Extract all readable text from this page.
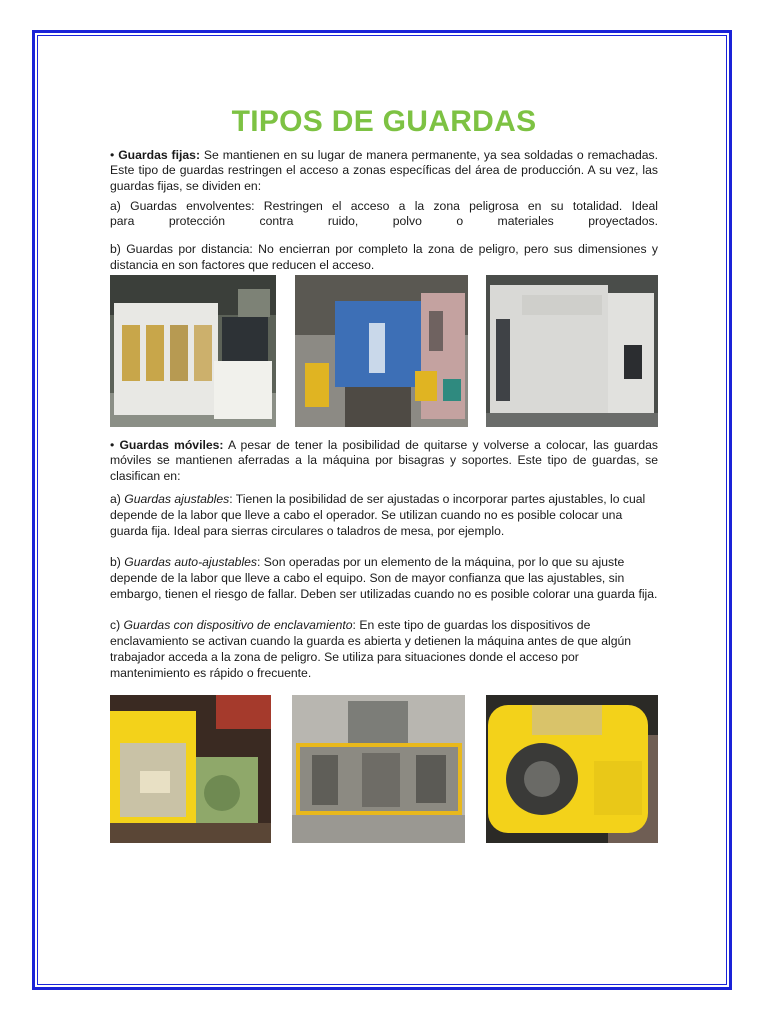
TIPOS DE GUARDAS

• Guardas fijas: Se mantienen en su lugar de manera permanente, ya sea soldadas o remachadas. Este tipo de guardas restringen el acceso a zonas específicas del área de producción. A su vez, las guardas fijas, se dividen en:

a) Guardas envolventes: Restringen el acceso a la zona peligrosa en su totalidad. Ideal

para protección contra ruido, polvo o materiales proyectados.

b) Guardas por distancia: No encierran por completo la zona de peligro, pero sus dimensiones y distancia en son factores que reducen el acceso.

• Guardas móviles: A pesar de tener la posibilidad de quitarse y volverse a colocar, las guardas móviles se mantienen aferradas a la máquina por bisagras y soportes. Este tipo de guardas, se clasifican en:

a) Guardas ajustables: Tienen la posibilidad de ser ajustadas o incorporar partes ajustables, lo cual depende de la labor que lleve a cabo el operador. Se utilizan cuando no es posible colocar una guarda fija. Ideal para sierras circulares o taladros de mesa, por ejemplo.

b) Guardas auto-ajustables: Son operadas por un elemento de la máquina, por lo que su ajuste depende de la labor que lleve a cabo el equipo. Son de mayor confianza que las ajustables, sin embargo, tienen el riesgo de fallar. Deben ser utilizadas cuando no es posible colorar una guarda fija.

c) Guardas con dispositivo de enclavamiento: En este tipo de guardas los dispositivos de enclavamiento se activan cuando la guarda es abierta y detienen la máquina antes de que algún trabajador acceda a la zona de peligro. Se utiliza para situaciones donde el acceso por mantenimiento es rápido o frecuente.
